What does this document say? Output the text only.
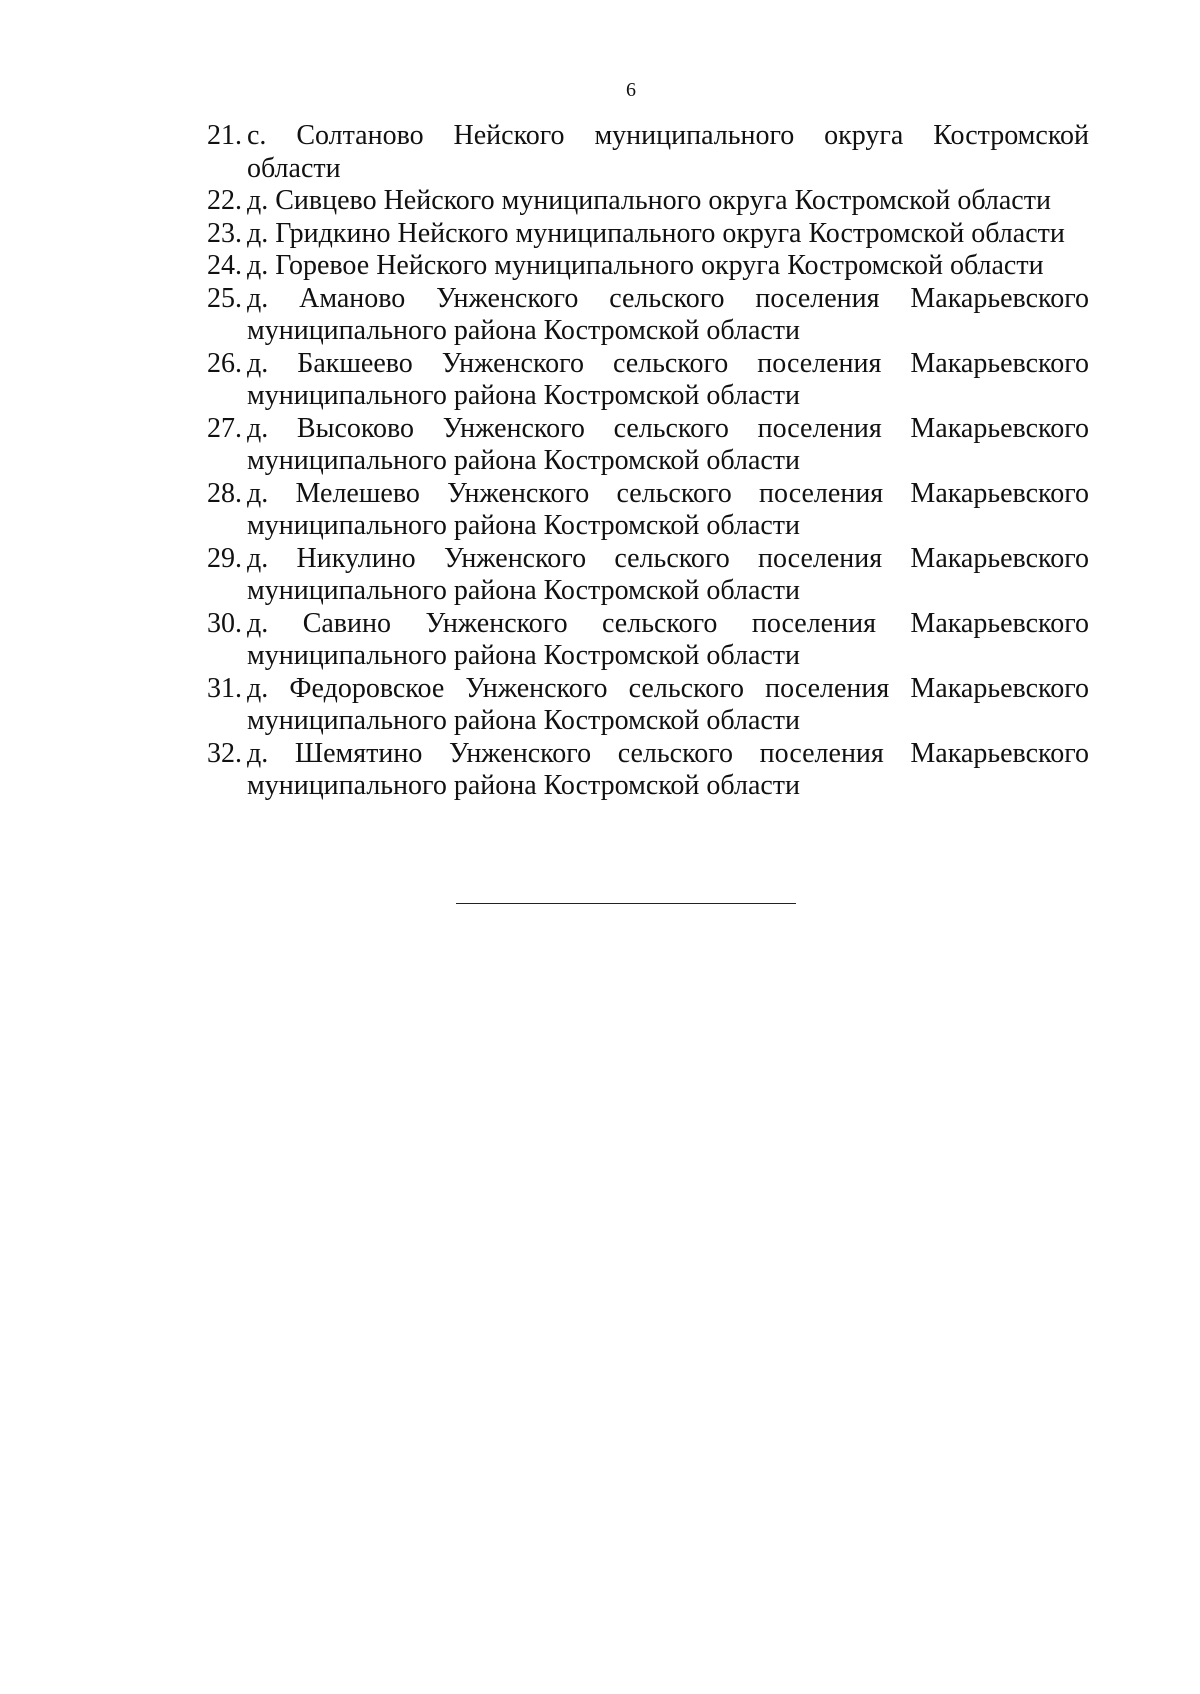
6
21. с. Солтаново Нейского муниципального округа Костромской
области
22. д. Сивцево Нейского муниципального округа Костромской области
23. д. Гридкино Нейского муниципального округа Костромской области
24. д. Горевое Нейского муниципального округа Костромской области
25. д. Аманово Унженского сельского поселения Макарьевского
муниципального района Костромской области
26. д. Бакшеево Унженского сельского поселения Макарьевского
муниципального района Костромской области
27. д. Высоково Унженского сельского поселения Макарьевского
муниципального района Костромской области
28. д. Мелешево Унженского сельского поселения Макарьевского
муниципального района Костромской области
29. д. Никулино Унженского сельского поселения Макарьевского
муниципального района Костромской области
30. д. Савино Унженского сельского поселения Макарьевского
муниципального района Костромской области
31. д. Федоровское Унженского сельского поселения Макарьевского
муниципального района Костромской области
32. д. Шемятино Унженского сельского поселения Макарьевского
муниципального района Костромской области
